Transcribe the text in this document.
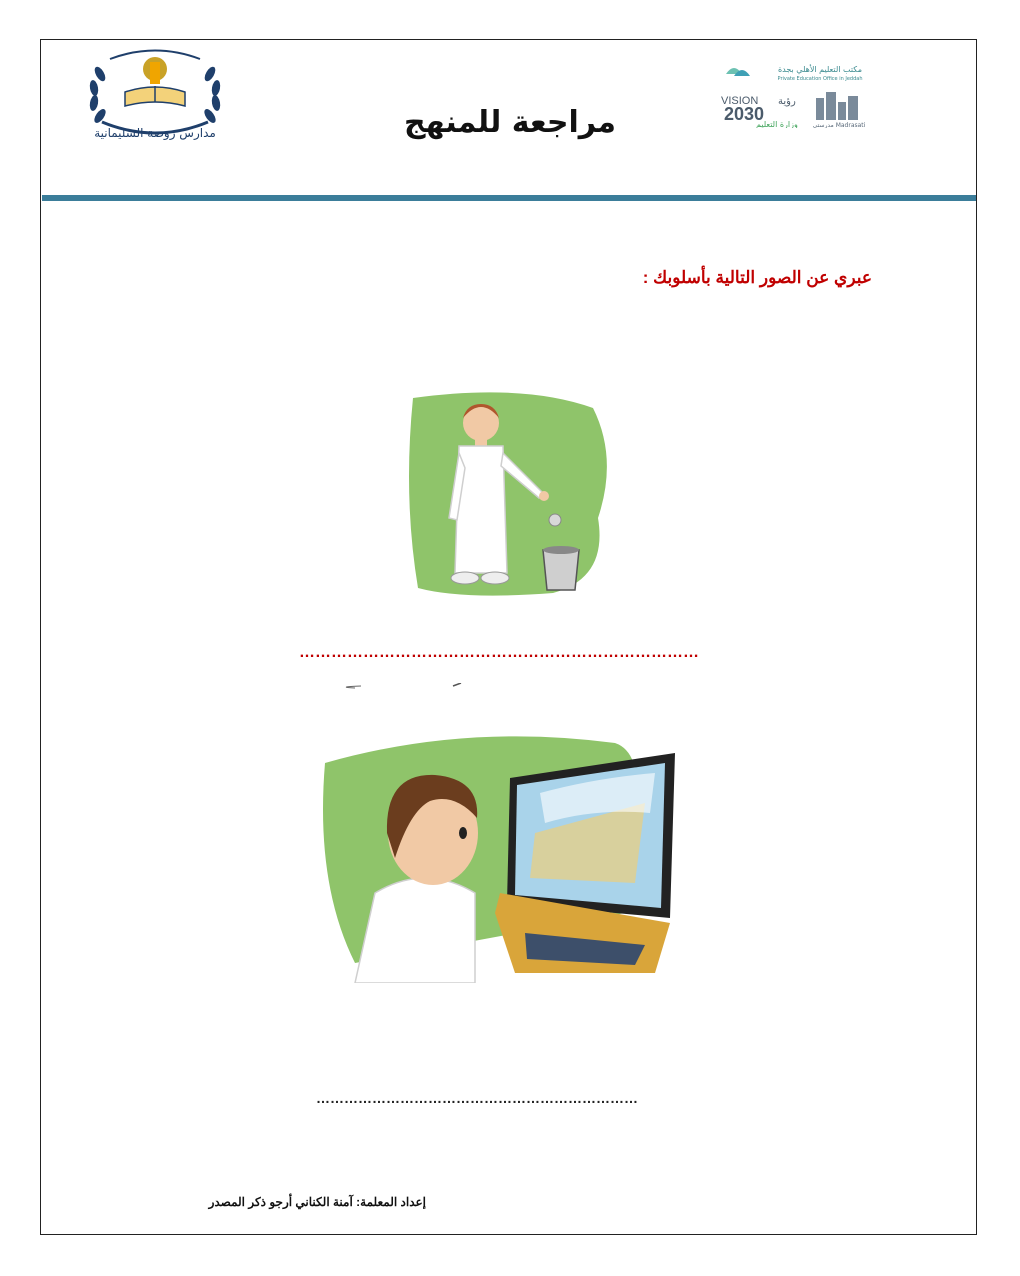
مدارس روضة السليمانية
مكتب التعليم الأهلي بجدة
Private Education Office in Jeddah
VISION رؤية
2030
وزارة التعليم مدرستي Madrasati
مراجعة للمنهج
عبري عن الصور التالية بأسلوبك :
…………………………………………………………………
……………………………………………………………
إعداد المعلمة: آمنة الكناني أرجو ذكر المصدر
